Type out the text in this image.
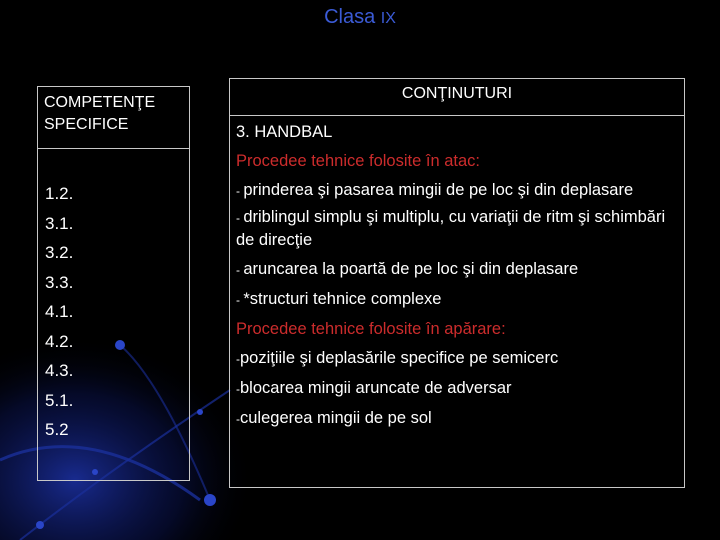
Clasa IX
COMPETENŢE
SPECIFICE
1.2.
3.1.
3.2.
3.3.
4.1.
4.2.
4.3.
5.1.
5.2
CONŢINUTURI
3. HANDBAL
Procedee tehnice folosite în atac:
- prinderea şi pasarea mingii de pe loc şi din deplasare
- driblingul simplu şi multiplu, cu variaţii de ritm şi schimbări de direcţie
- aruncarea la poartă de pe loc şi din deplasare
- *structuri tehnice complexe
Procedee tehnice folosite în apărare:
-poziţiile şi deplasările specifice pe semicerc
-blocarea mingii aruncate de adversar
-culegerea mingii de pe sol
